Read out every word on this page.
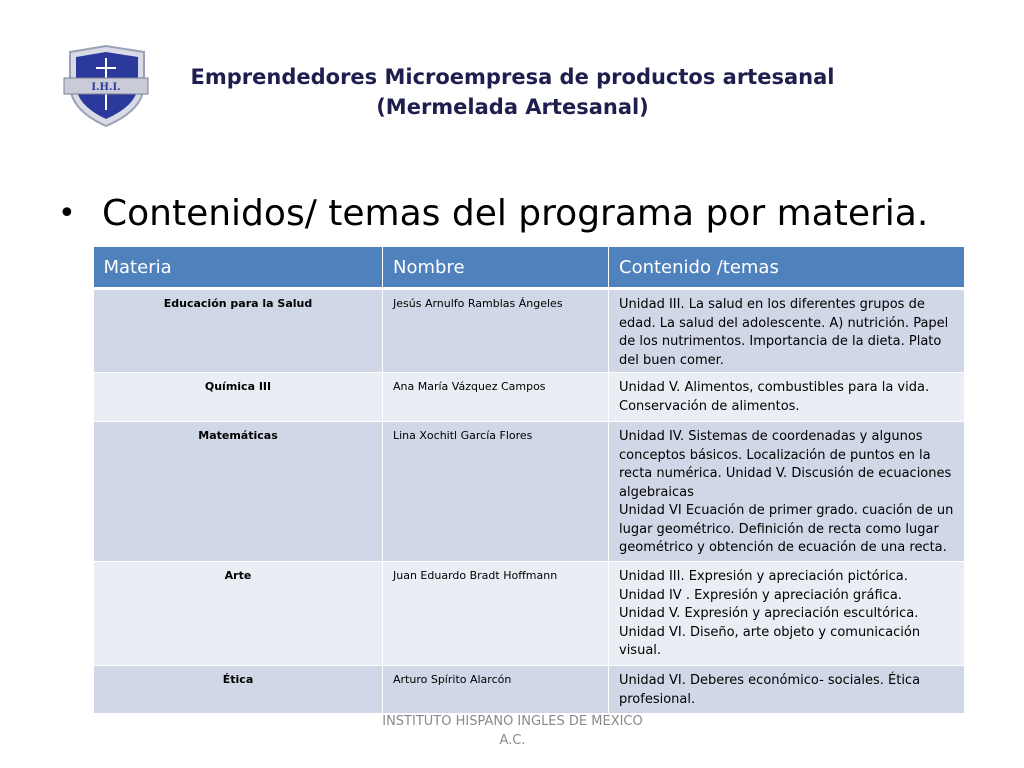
I.H.I.	Emprendedores Microempresa de productos artesanal
(Mermelada Artesanal)
• Contenidos/ temas del programa por materia.
Materia	Nombre	Contenido /temas
Educación para la Salud	Jesús Arnulfo Ramblas Ángeles	Unidad III. La salud en los diferentes grupos de edad. La salud del adolescente. A) nutrición. Papel de los nutrimentos. Importancia de la dieta. Plato del buen comer.
Química III	Ana María Vázquez Campos	Unidad V. Alimentos, combustibles para la vida. Conservación de alimentos.
Matemáticas	Lina Xochitl García Flores	Unidad IV. Sistemas de coordenadas y algunos conceptos básicos. Localización de puntos en la recta numérica. Unidad V. Discusión de ecuaciones algebraicas
Unidad VI Ecuación de primer grado. cuación de un lugar geométrico. Definición de recta como lugar geométrico y obtención de ecuación de una recta.
Arte	Juan Eduardo Bradt Hoffmann	Unidad III. Expresión y apreciación pictórica.
Unidad IV . Expresión y apreciación gráfica.
Unidad V. Expresión y apreciación escultórica.
Unidad VI. Diseño, arte objeto y comunicación visual.
Ética	Arturo Spírito Alarcón	Unidad VI. Deberes económico- sociales. Ética profesional.
INSTITUTO HISPANO INGLES DE MEXICO
A.C.
